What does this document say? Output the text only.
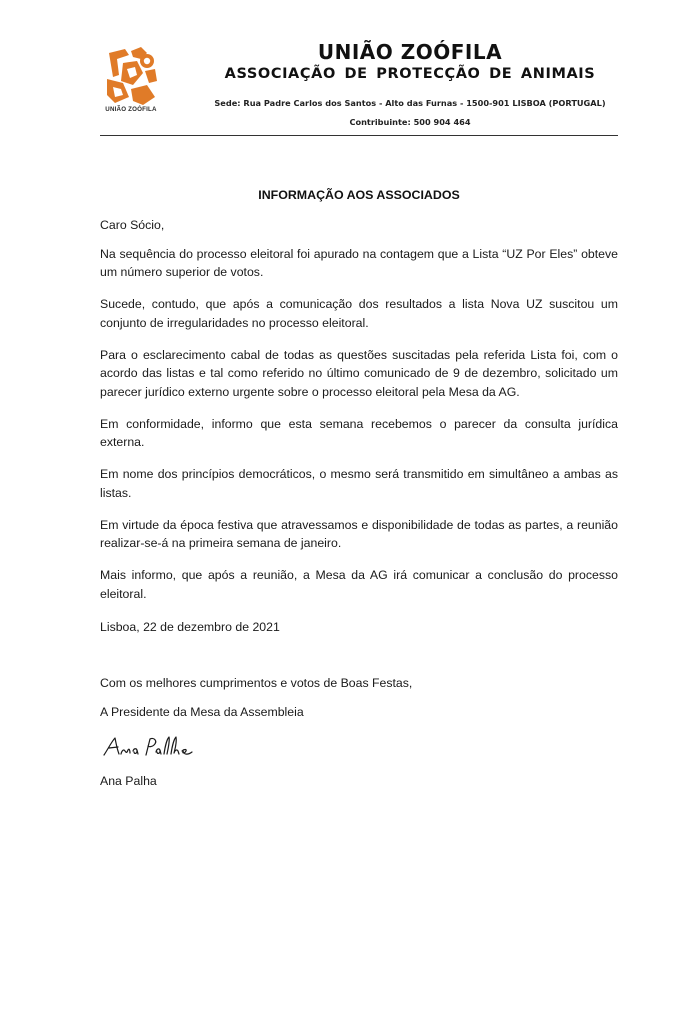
UNIÃO ZOÓFILA
UNIÃO ZOÓFILA
ASSOCIAÇÃO DE PROTECÇÃO DE ANIMAIS
Sede: Rua Padre Carlos dos Santos - Alto das Furnas - 1500-901 LISBOA (PORTUGAL)
Contribuinte: 500 904 464
INFORMAÇÃO AOS ASSOCIADOS

Caro Sócio,

Na sequência do processo eleitoral foi apurado na contagem que a Lista “UZ Por Eles” obteve um número superior de votos.

Sucede, contudo, que após a comunicação dos resultados a lista Nova UZ suscitou um conjunto de irregularidades no processo eleitoral.

Para o esclarecimento cabal de todas as questões suscitadas pela referida Lista foi, com o acordo das listas e tal como referido no último comunicado de 9 de dezembro, solicitado um parecer jurídico externo urgente sobre o processo eleitoral pela Mesa da AG.

Em conformidade, informo que esta semana recebemos o parecer da consulta jurídica externa.

Em nome dos princípios democráticos, o mesmo será transmitido em simultâneo a ambas as listas.

Em virtude da época festiva que atravessamos e disponibilidade de todas as partes, a reunião realizar-se-á na primeira semana de janeiro.

Mais informo, que após a reunião, a Mesa da AG irá comunicar a conclusão do processo eleitoral.

Lisboa, 22 de dezembro de 2021
Com os melhores cumprimentos e votos de Boas Festas,
A Presidente da Mesa da Assembleia
Ana Palha
